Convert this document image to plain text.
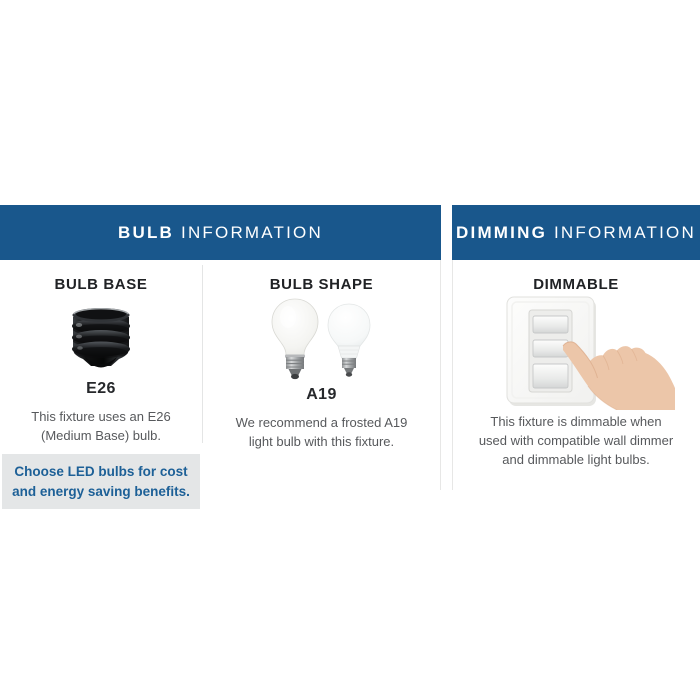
BULB INFORMATION
BULB BASE
E26

This fixture uses an E26
(Medium Base) bulb.

Choose LED bulbs for cost
and energy saving benefits.
BULB SHAPE
A19

We recommend a frosted A19
light bulb with this fixture.

DIMMING INFORMATION
DIMMABLE

This fixture is dimmable when
used with compatible wall dimmer
and dimmable light bulbs.
